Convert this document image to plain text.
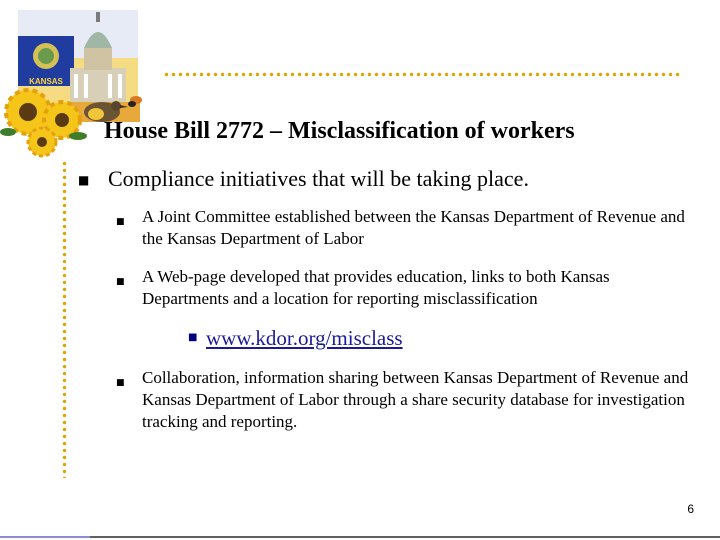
KANSAS
House Bill 2772 – Misclassification of workers
■ Compliance initiatives that will be taking place.
■ A Joint Committee established between the Kansas Department of Revenue and the Kansas Department of Labor
■ A Web-page developed that provides education, links to both Kansas Departments and a location for reporting misclassification
■ www.kdor.org/misclass
■ Collaboration, information sharing between Kansas Department of Revenue and Kansas Department of Labor through a share security database for investigation tracking and reporting.
6
